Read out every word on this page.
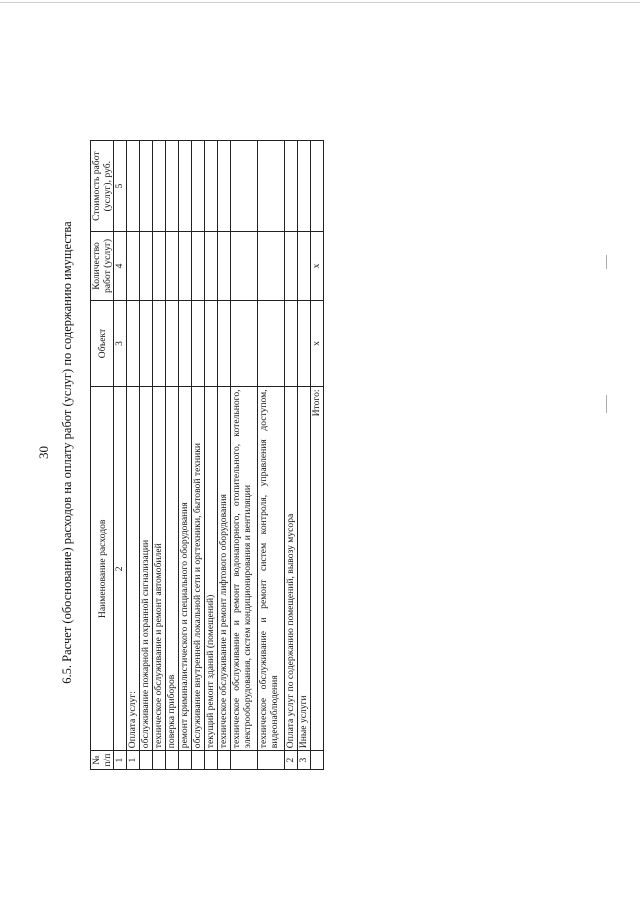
30 6.5. Расчет (обоснование) расходов на оплату работ (услуг) по содержанию имущества
№ п/п	Наименование расходов	Объект	Количество работ (услуг)	Стоимость работ (услуг), руб.
1	2	3	4	5
1	Оплата услуг:			
	обслуживание пожарной и охранной сигнализации			
	техническое обслуживание и ремонт автомобилей			
	поверка приборов			
	ремонт криминалистического и специального оборудования			
	обслуживание внутренней локальной сети и оргтехники, бытовой техники			
	текущий ремонт зданий (помещений)			
	техническое обслуживание и ремонт лифтового оборудования			
	техническое обслуживание и ремонт водонапорного, отопительного, котельного, электрооборудования, систем кондиционирования и вентиляции			
	техническое обслуживание и ремонт систем контроля, управления доступом, видеонаблюдения			
2	Оплата услуг по содержанию помещений, вывозу мусора			
3	Иные услуги			
	Итого:	x	x	
